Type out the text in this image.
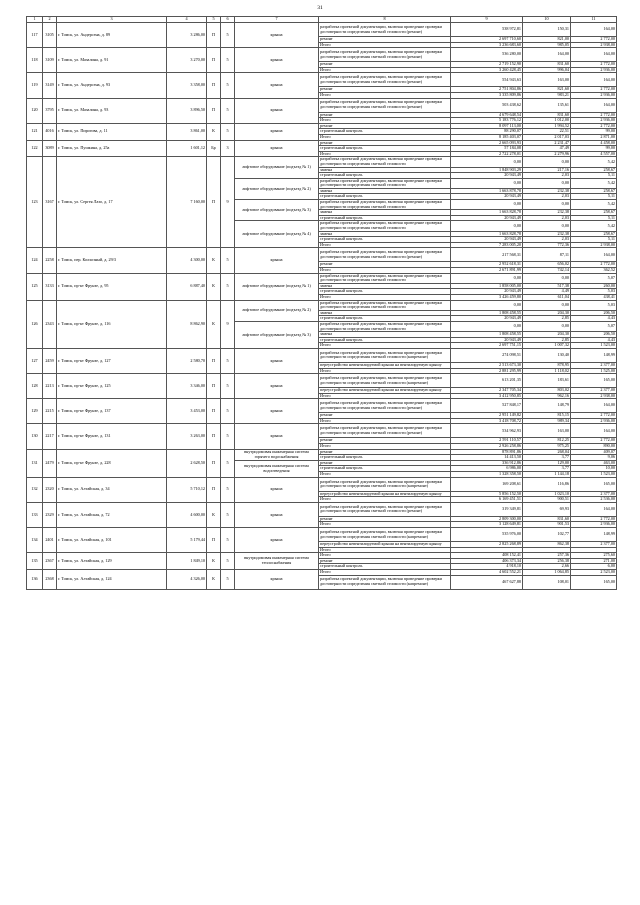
31
1	2	3	4	5	6	7	8	9	10	11
117	3105	г. Томск, ул. Андерсена, д. 89	3 286,00	П	5	крыша	разработка проектной документации, включая проведение проверки достоверности определения сметной стоимости (ремонт)	538 972,81	150,31	164,00
							ремонт	2 697 710,60	821,00	2 772,00
							Итого	3 236 683,60	985,05	2 938,00
118	3109	г. Томск, ул. Мазалина, д. 91	3 270,00	П	5	крыша	разработка проектной документации, включая проведение проверки достоверности определения сметной стоимости (ремонт)	536 280,00	164,00	164,00
							ремонт	2 719 152,90	831,60	2 772,00
							Итого	3 260 428,45	996,04	2 936,00
119	3149	г. Томск, ул. Андерсена, д. 93	3 358,00	П	5	крыша	разработка проектной документации, включая проведение проверки достоверности определения сметной стоимости (ремонт)	554 943,63	163,00	164,00
							ремонт	2 751 804,86	821,60	2 772,00
							Итого	3 335 809,86	983,21	2 936,00
120	3795	г. Томск, ул. Мазалина, д. 93	3 896,50	П	5	крыша	разработка проектной документации, включая проведение проверки достоверности определения сметной стоимости (ремонт)	503 438,62	135,61	164,00
							ремонт	4 679 648,54	831,60	2 772,00
							Итого	5 183 776,12	1 012,00	2 936,00
121	4016	г. Томск, ул. Пирогова, д. 11	3 861,00	К	5	крыша	ремонт	8 097 113,00	1 994,52	2 772,00
							строительный контроль	88 290,07	22,51	99,00
							Итого	8 185 403,07	2 017,03	2 871,00
122	3089	г. Томск, ул. Пушкина, д. 25а	1 601,12	Бр	3	крыша	ремонт	2 665 093,93	2 231,47	4 458,00
							строительный контроль	57 184,08	47,49	99,00
							Итого	2 722 278,01	2 279,96	4 557,00
123	3167	г. Томск, ул. Сергея Лазо, д. 17	7 160,00	П	9	лифтовое оборудование (подъезд № 1)	разработка проектной документации, включая проведение проверки достоверности определения сметной стоимости	0,00	0,00	5,42
							замена	1 848 903,29	217,16	258,67
							строительный контроль	20 943,49	2,03	5,11
						лифтовое оборудование (подъезд № 2)	разработка проектной документации, включая проведение проверки достоверности определения сметной стоимости	0,00	0,00	5,42
							замена	1 663 878,78	232,38	258,67
							строительный контроль	20 943,49	2,03	5,11
						лифтовое оборудование (подъезд № 3)	разработка проектной документации, включая проведение проверки достоверности определения сметной стоимости	0,00	0,00	5,42
							замена	1 663 828,78	232,38	258,67
							строительный контроль	20 943,49	2,03	5,11
						лифтовое оборудование (подъезд № 4)	разработка проектной документации, включая проведение проверки достоверности определения сметной стоимости	0,00	0,00	5,42
							замена	1 663 828,78	232,38	258,67
							строительный контроль	20 943,49	2,03	5,11
							Итого	7 283 005,20	772,36	2 938,00
124	2258	г. Томск, пер. Колхозный, д. 29/3	4 300,00	К	5	крыша	разработка проектной документации, включая проведение проверки достоверности определения сметной стоимости (ремонт)	217 568,31	87,11	164,00
							ремонт	2 952 618,31	656,02	2 772,00
							Итого	2 671 891,99	742,14	362,52
125	3133	г. Томск, пр-кт Фрунзе, д. 95	6 887,40	К	5	лифтовое оборудование (подъезд № 1)	разработка проектной документации, включая проведение проверки достоверности определения сметной стоимости	0,00	0,00	5,07
							замена	1 858 005,00	517,38	260,00
							строительный контроль	20 943,49	4,49	5,03
							Итого	3 426 459,80	611,04	438,41
126	2343	г. Томск, пр-кт Фрунзе, д. 116	8 862,90	К	9	лифтовое оборудование (подъезд № 2)	разработка проектной документации, включая проведение проверки достоверности определения сметной стоимости	0,00	0,00	5,03
							замена	1 808 458,55	204,30	206,50
							строительный контроль	20 943,49	2,85	4,43
						лифтовое оборудование (подъезд № 3)	разработка проектной документации, включая проведение проверки достоверности определения сметной стоимости	0,00	0,00	5,07
							замена	1 808 458,55	204,30	206,50
							строительный контроль	20 943,49	2,85	4,43
							Итого	2 697 751,15	1 007,32	1 523,00
127	2459	г. Томск, пр-кт Фрунзе, д. 127	2 580,70	П	5	крыша	разработка проектной документации, включая проведение проверки достоверности определения сметной стоимости (капремонт)	274 098,51	130,40	148,99
							переустройство невентилируемой крыши на вентилируемую крышу	2 513 673,30	878,95	2 377,00
							Итого	2 881 295,99	1 118,02	1 525,00
128	2213	г. Томск, пр-кт Фрунзе, д. 125	3 346,00	П	5	крыша	разработка проектной документации, включая проведение проверки достоверности определения сметной стоимости (капремонт)	613 201,35	183,61	165,00
							переустройство невентилируемой крыши на вентилируемую крышу	2 347 705,34	803,02	2 377,00
							Итого	3 412 950,85	962,16	2 938,00
129	2215	г. Томск, пр-кт Фрунзе, д. 137	3 453,00	П	5	крыша	разработка проектной документации, включая проведение проверки достоверности определения сметной стоимости (ремонт)	527 848,17	148,79	164,00
							ремонт	2 951 149,82	815,15	2 772,00
							Итого	3 418 708,72	989,34	2 936,00
130	2217	г. Томск, пр-кт Фрунзе, д. 131	3 263,00	П	5	крыша	разработка проектной документации, включая проведение проверки достоверности определения сметной стоимости (ремонт)	534 962,93	163,00	164,00
							ремонт	2 591 110,57	812,25	2 772,00
							Итого	2 926 258,86	975,25	890,00
131	2479	г. Томск, пр-кт Фрунзе, д. 228	2 628,50	П	5	внутридомовая инженерная система горячего водоснабжения	ремонт	878 891,86	268,04	409,07
							строительный контроль	14 413,50	3,77	9,06
						внутридомовая инженерная система водоотведения	ремонт	336 912,86	129,00	463,00
							строительный контроль	6 986,00	3,77	10,00
							Итого	1 328 358,50	1 144,18	1 523,00
132	2320	г. Томск, ул. Алтайская, д. 34	5 710,12	П	5	крыша	разработка проектной документации, включая проведение проверки достоверности определения сметной стоимости (капремонт)	169 208,61	116,86	165,00
							переустройство невентилируемой крыши на вентилируемую крышу	5 856 152,50	1 023,10	2 377,00
							Итого	6 169 451,51	900,51	2 536,00
133	2329	г. Томск, ул. Алтайская, д. 72	4 600,00	К	5	крыша	разработка проектной документации, включая проведение проверки достоверности определения сметной стоимости (ремонт)	319 349,81	69,93	164,00
							ремонт	2 809 300,00	831,60	2 772,00
							Итого	3 128 649,81	901,53	2 936,00
134	2401	г. Томск, ул. Алтайская, д. 101	5 179,44	П	5	крыша	разработка проектной документации, включая проведение проверки достоверности определения сметной стоимости (капремонт)	535 976,00	102,77	148,99
							переустройство невентилируемой крыши на вентилируемую крышу	2 825 268,89	862,38	2 377,00
							Итого			
135	2367	г. Томск, ул. Алтайская, д. 129	1 849,10	К	5	внутридомовая инженерная система теплоснабжения	Итого	408 152,41	257,36	275,60
							ремонт	406 373,34	256,38	271,00
							строительный контроль	4 918,10	2,66	6,00
136	2368	г. Томск, ул. Алтайская, д. 124	4 326,00	К	5	крыша	Итого	4 602 552,21	1 064,85	2 523,00
							разработка проектной документации, включая проведение проверки достоверности определения сметной стоимости (капремонт)	467 627,88	108,01	165,00
